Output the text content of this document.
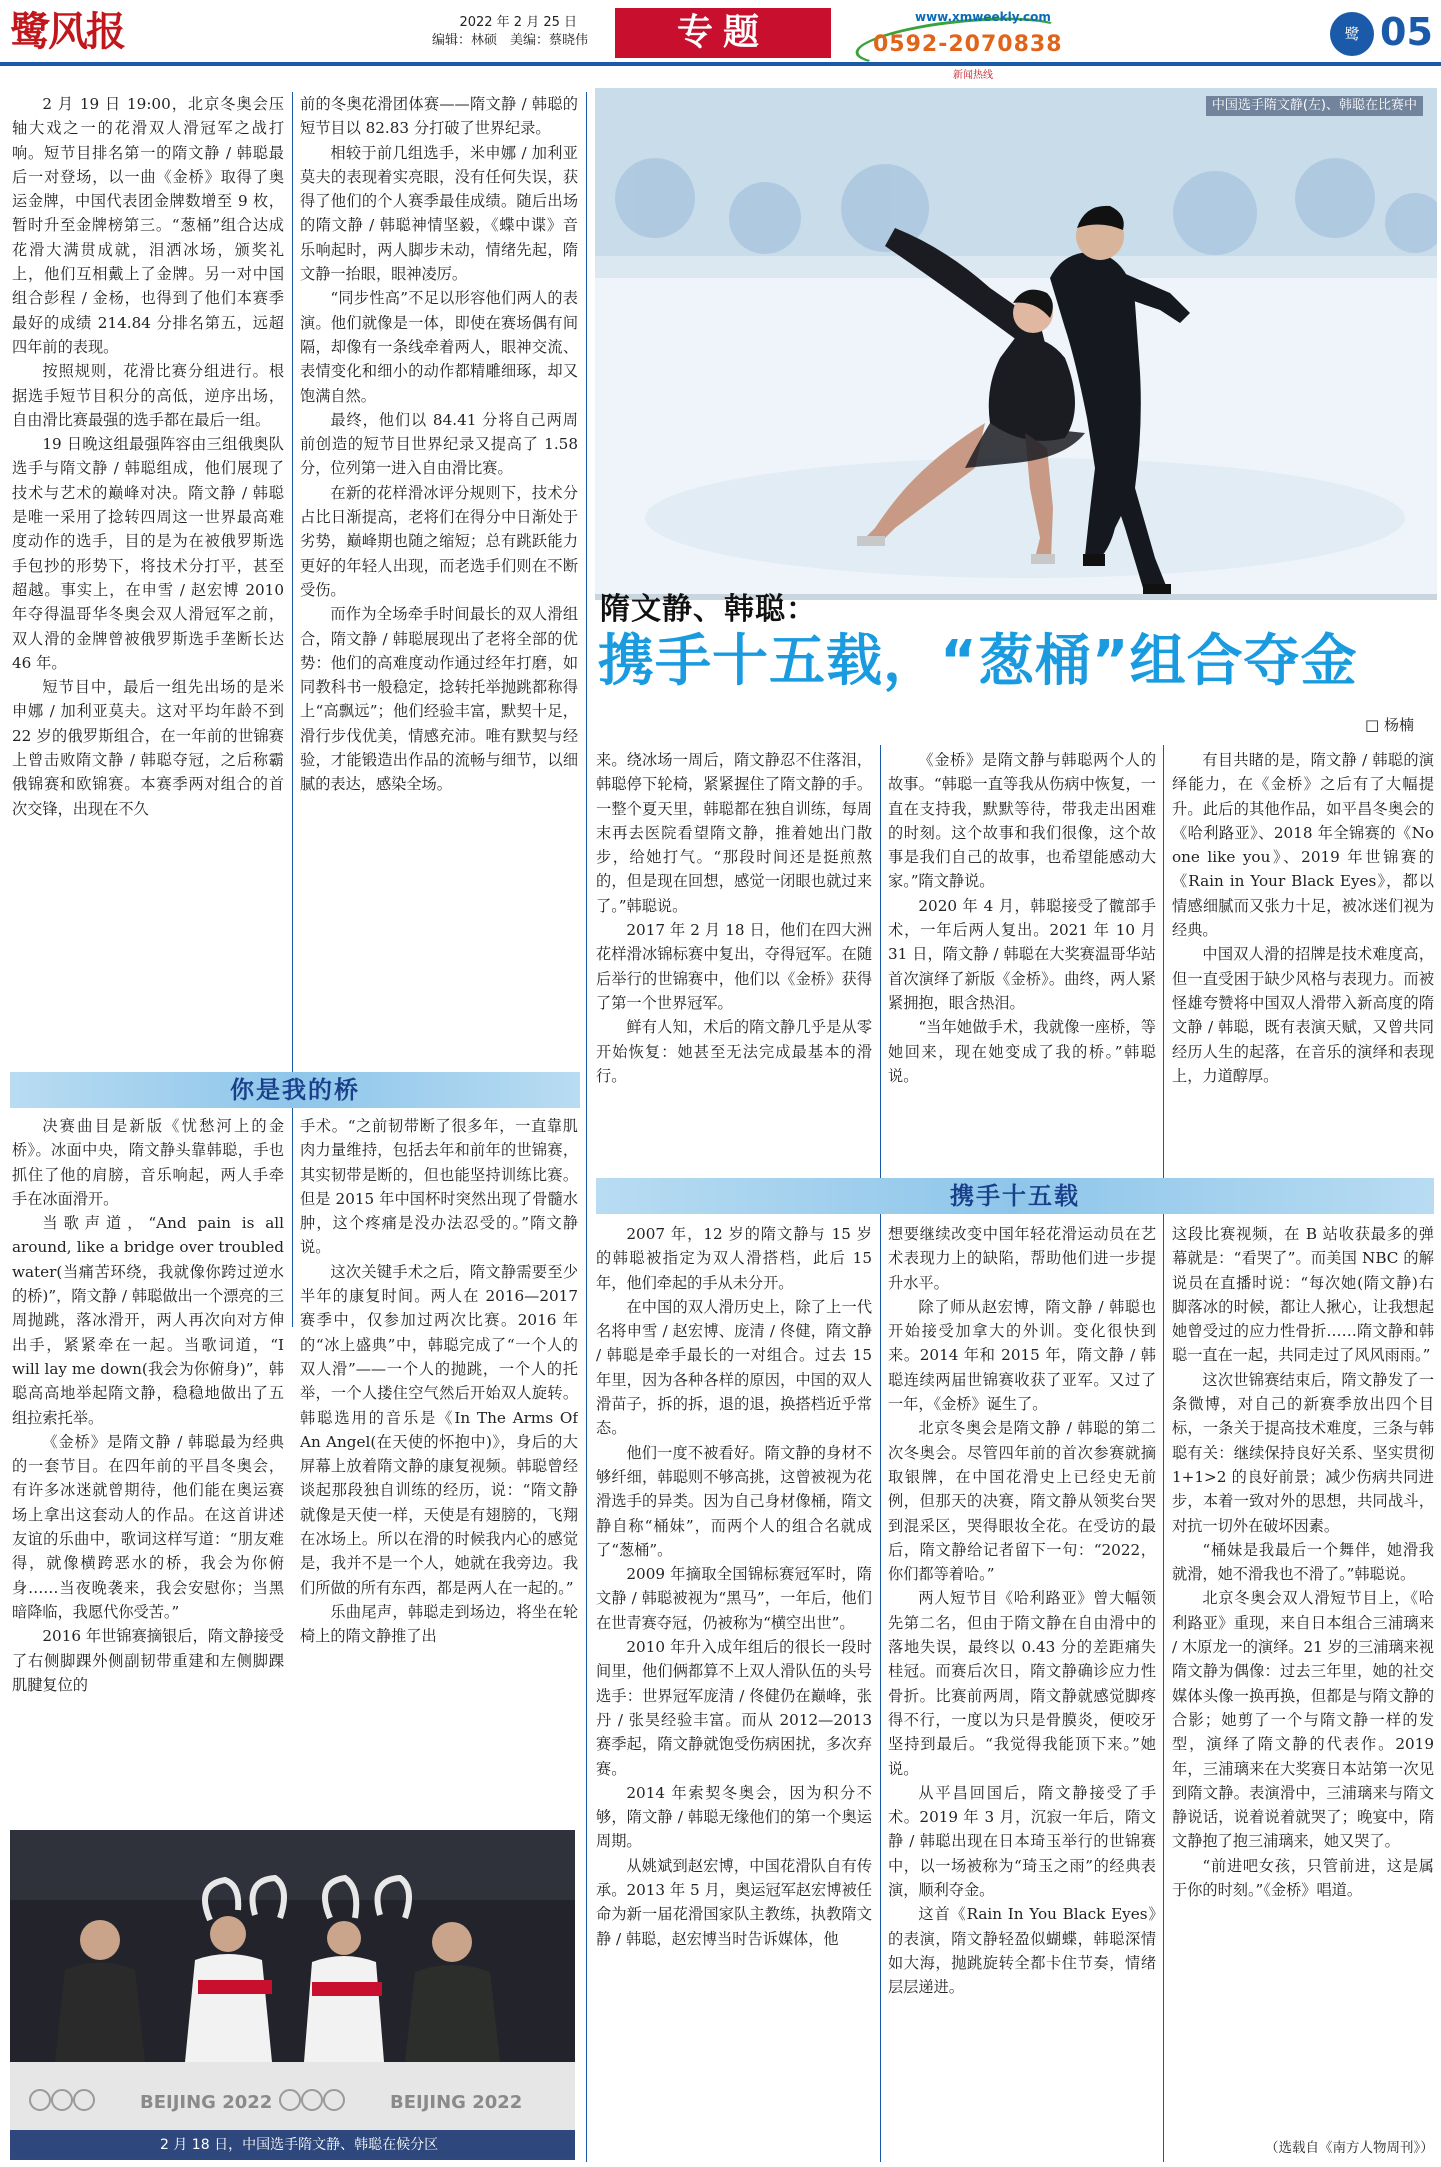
鹭风报	2022 年 2 月 25 日
编辑：林硕　美编：蔡晓伟	专题	www.xmweekly.com
0592-2070838
新闻热线
鹭 05
中国选手隋文静(左)、韩聪在比赛中
隋文静、韩聪：
携手十五载，“葱桶”组合夺金
□ 杨楠

2 月 19 日 19:00，北京冬奥会压轴大戏之一的花滑双人滑冠军之战打响。短节目排名第一的隋文静 / 韩聪最后一对登场，以一曲《金桥》取得了奥运金牌，中国代表团金牌数增至 9 枚，暂时升至金牌榜第三。“葱桶”组合达成花滑大满贯成就，泪洒冰场，颁奖礼上，他们互相戴上了金牌。另一对中国组合彭程 / 金杨，也得到了他们本赛季最好的成绩 214.84 分排名第五，远超四年前的表现。

按照规则，花滑比赛分组进行。根据选手短节目积分的高低，逆序出场，自由滑比赛最强的选手都在最后一组。

19 日晚这组最强阵容由三组俄奥队选手与隋文静 / 韩聪组成，他们展现了技术与艺术的巅峰对决。隋文静 / 韩聪是唯一采用了捻转四周这一世界最高难度动作的选手，目的是为在被俄罗斯选手包抄的形势下，将技术分打平，甚至超越。事实上，在申雪 / 赵宏博 2010 年夺得温哥华冬奥会双人滑冠军之前，双人滑的金牌曾被俄罗斯选手垄断长达 46 年。

短节目中，最后一组先出场的是米申娜 / 加利亚莫夫。这对平均年龄不到 22 岁的俄罗斯组合，在一年前的世锦赛上曾击败隋文静 / 韩聪夺冠，之后称霸俄锦赛和欧锦赛。本赛季两对组合的首次交锋，出现在不久

前的冬奥花滑团体赛——隋文静 / 韩聪的短节目以 82.83 分打破了世界纪录。

相较于前几组选手，米申娜 / 加利亚莫夫的表现着实亮眼，没有任何失误，获得了他们的个人赛季最佳成绩。随后出场的隋文静 / 韩聪神情坚毅，《蝶中谍》音乐响起时，两人脚步未动，情绪先起，隋文静一抬眼，眼神凌厉。

“同步性高”不足以形容他们两人的表演。他们就像是一体，即使在赛场偶有间隔，却像有一条线牵着两人，眼神交流、表情变化和细小的动作都精雕细琢，却又饱满自然。

最终，他们以 84.41 分将自己两周前创造的短节目世界纪录又提高了 1.58 分，位列第一进入自由滑比赛。

在新的花样滑冰评分规则下，技术分占比日渐提高，老将们在得分中日渐处于劣势，巅峰期也随之缩短；总有跳跃能力更好的年轻人出现，而老选手们则在不断受伤。

而作为全场牵手时间最长的双人滑组合，隋文静 / 韩聪展现出了老将全部的优势：他们的高难度动作通过经年打磨，如同教科书一般稳定，捻转托举抛跳都称得上“高飘远”；他们经验丰富，默契十足，滑行步伐优美，情感充沛。唯有默契与经验，才能锻造出作品的流畅与细节，以细腻的表达，感染全场。

你是我的桥

决赛曲目是新版《忧愁河上的金桥》。冰面中央，隋文静头靠韩聪，手也抓住了他的肩膀，音乐响起，两人手牵手在冰面滑开。

当歌声道，“And pain is all around, like a bridge over troubled water(当痛苦环绕，我就像你跨过逆水的桥)”，隋文静 / 韩聪做出一个漂亮的三周抛跳，落冰滑开，两人再次向对方伸出手，紧紧牵在一起。当歌词道，“I will lay me down(我会为你俯身)”，韩聪高高地举起隋文静，稳稳地做出了五组拉索托举。

《金桥》是隋文静 / 韩聪最为经典的一套节目。在四年前的平昌冬奥会，有许多冰迷就曾期待，他们能在奥运赛场上拿出这套动人的作品。在这首讲述友谊的乐曲中，歌词这样写道：“朋友难得，就像横跨恶水的桥，我会为你俯身……当夜晚袭来，我会安慰你；当黑暗降临，我愿代你受苦。”

2016 年世锦赛摘银后，隋文静接受了右侧脚踝外侧副韧带重建和左侧脚踝肌腱复位的

手术。“之前韧带断了很多年，一直靠肌肉力量维持，包括去年和前年的世锦赛，其实韧带是断的，但也能坚持训练比赛。但是 2015 年中国杯时突然出现了骨髓水肿，这个疼痛是没办法忍受的。”隋文静说。

这次关键手术之后，隋文静需要至少半年的康复时间。两人在 2016—2017 赛季中，仅参加过两次比赛。2016 年的“冰上盛典”中，韩聪完成了“一个人的双人滑”——一个人的抛跳，一个人的托举，一个人搂住空气然后开始双人旋转。韩聪选用的音乐是《In The Arms Of An Angel(在天使的怀抱中)》，身后的大屏幕上放着隋文静的康复视频。韩聪曾经谈起那段独自训练的经历，说：“隋文静就像是天使一样，天使是有翅膀的，飞翔在冰场上。所以在滑的时候我内心的感觉是，我并不是一个人，她就在我旁边。我们所做的所有东西，都是两人在一起的。”

乐曲尾声，韩聪走到场边，将坐在轮椅上的隋文静推了出

来。绕冰场一周后，隋文静忍不住落泪，韩聪停下轮椅，紧紧握住了隋文静的手。一整个夏天里，韩聪都在独自训练，每周末再去医院看望隋文静，推着她出门散步，给她打气。“那段时间还是挺煎熬的，但是现在回想，感觉一闭眼也就过来了。”韩聪说。

2017 年 2 月 18 日，他们在四大洲花样滑冰锦标赛中复出，夺得冠军。在随后举行的世锦赛中，他们以《金桥》获得了第一个世界冠军。

鲜有人知，术后的隋文静几乎是从零开始恢复：她甚至无法完成最基本的滑行。

《金桥》是隋文静与韩聪两个人的故事。“韩聪一直等我从伤病中恢复，一直在支持我，默默等待，带我走出困难的时刻。这个故事和我们很像，这个故事是我们自己的故事，也希望能感动大家。”隋文静说。

2020 年 4 月，韩聪接受了髋部手术，一年后两人复出。2021 年 10 月 31 日，隋文静 / 韩聪在大奖赛温哥华站首次演绎了新版《金桥》。曲终，两人紧紧拥抱，眼含热泪。

“当年她做手术，我就像一座桥，等她回来，现在她变成了我的桥。”韩聪说。

有目共睹的是，隋文静 / 韩聪的演绎能力，在《金桥》之后有了大幅提升。此后的其他作品，如平昌冬奥会的《哈利路亚》、2018 年全锦赛的《No one like you》、2019 年世锦赛的《Rain in Your Black Eyes》，都以情感细腻而又张力十足，被冰迷们视为经典。

中国双人滑的招牌是技术难度高，但一直受困于缺少风格与表现力。而被怪雄夸赞将中国双人滑带入新高度的隋文静 / 韩聪，既有表演天赋，又曾共同经历人生的起落，在音乐的演绎和表现上，力道醇厚。

携手十五载

2007 年，12 岁的隋文静与 15 岁的韩聪被指定为双人滑搭档，此后 15 年，他们牵起的手从未分开。

在中国的双人滑历史上，除了上一代名将申雪 / 赵宏博、庞清 / 佟健，隋文静 / 韩聪是牵手最长的一对组合。过去 15 年里，因为各种各样的原因，中国的双人滑苗子，拆的拆，退的退，换搭档近乎常态。

他们一度不被看好。隋文静的身材不够纤细，韩聪则不够高挑，这曾被视为花滑选手的异类。因为自己身材像桶，隋文静自称“桶妹”，而两个人的组合名就成了“葱桶”。

2009 年摘取全国锦标赛冠军时，隋文静 / 韩聪被视为“黑马”，一年后，他们在世青赛夺冠，仍被称为“横空出世”。

2010 年升入成年组后的很长一段时间里，他们俩都算不上双人滑队伍的头号选手：世界冠军庞清 / 佟健仍在巅峰，张丹 / 张昊经验丰富。而从 2012—2013 赛季起，隋文静就饱受伤病困扰，多次弃赛。

2014 年索契冬奥会，因为积分不够，隋文静 / 韩聪无缘他们的第一个奥运周期。

从姚斌到赵宏博，中国花滑队自有传承。2013 年 5 月，奥运冠军赵宏博被任命为新一届花滑国家队主教练，执教隋文静 / 韩聪，赵宏博当时告诉媒体，他

想要继续改变中国年轻花滑运动员在艺术表现力上的缺陷，帮助他们进一步提升水平。

除了师从赵宏博，隋文静 / 韩聪也开始接受加拿大的外训。变化很快到来。2014 年和 2015 年，隋文静 / 韩聪连续两届世锦赛收获了亚军。又过了一年，《金桥》诞生了。

北京冬奥会是隋文静 / 韩聪的第二次冬奥会。尽管四年前的首次参赛就摘取银牌，在中国花滑史上已经史无前例，但那天的决赛，隋文静从领奖台哭到混采区，哭得眼妆全花。在受访的最后，隋文静给记者留下一句：“2022，你们都等着哈。”

两人短节目《哈利路亚》曾大幅领先第二名，但由于隋文静在自由滑中的落地失误，最终以 0.43 分的差距痛失桂冠。而赛后次日，隋文静确诊应力性骨折。比赛前两周，隋文静就感觉脚疼得不行，一度以为只是骨膜炎，便咬牙坚持到最后。“我觉得我能顶下来。”她说。

从平昌回国后，隋文静接受了手术。2019 年 3 月，沉寂一年后，隋文静 / 韩聪出现在日本琦玉举行的世锦赛中，以一场被称为“琦玉之雨”的经典表演，顺利夺金。

这首《Rain In You Black Eyes》的表演，隋文静轻盈似蝴蝶，韩聪深情如大海，抛跳旋转全都卡住节奏，情绪层层递进。

这段比赛视频，在 B 站收获最多的弹幕就是：“看哭了”。而美国 NBC 的解说员在直播时说：“每次她(隋文静)右脚落冰的时候，都让人揪心，让我想起她曾受过的应力性骨折……隋文静和韩聪一直在一起，共同走过了风风雨雨。”

这次世锦赛结束后，隋文静发了一条微博，对自己的新赛季放出四个目标，一条关于提高技术难度，三条与韩聪有关：继续保持良好关系、坚实贯彻 1+1>2 的良好前景；减少伤病共同进步，本着一致对外的思想，共同战斗，对抗一切外在破坏因素。

“桶妹是我最后一个舞伴，她滑我就滑，她不滑我也不滑了。”韩聪说。

北京冬奥会双人滑短节目上，《哈利路亚》重现，来自日本组合三浦璃来 / 木原龙一的演绎。21 岁的三浦璃来视隋文静为偶像：过去三年里，她的社交媒体头像一换再换，但都是与隋文静的合影；她剪了一个与隋文静一样的发型，演绎了隋文静的代表作。2019 年，三浦璃来在大奖赛日本站第一次见到隋文静。表演滑中，三浦璃来与隋文静说话，说着说着就哭了；晚宴中，隋文静抱了抱三浦璃来，她又哭了。

“前进吧女孩，只管前进，这是属于你的时刻。”《金桥》唱道。

（选载自《南方人物周刊》）
BEIJING 2022	BEIJING 2022
2 月 18 日，中国选手隋文静、韩聪在候分区
